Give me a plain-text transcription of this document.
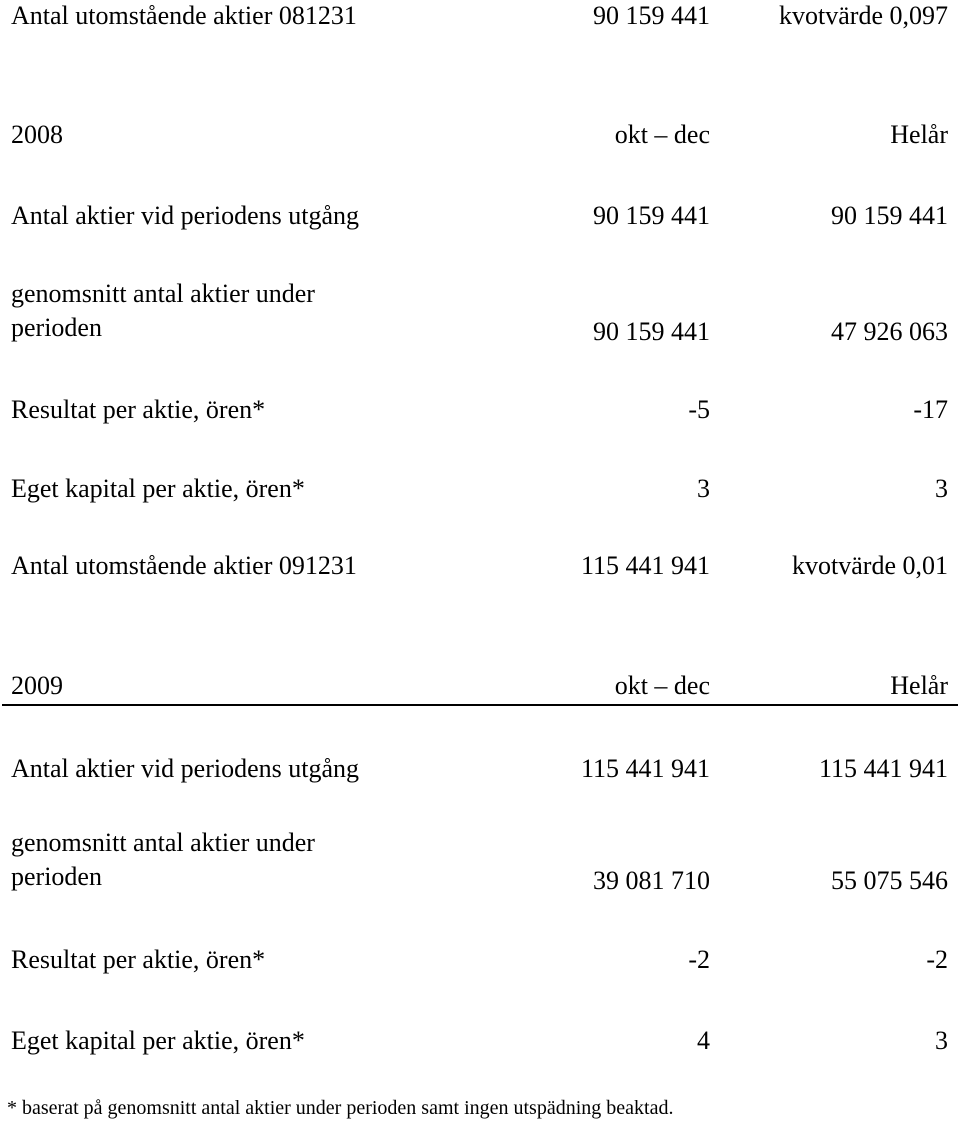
Antal utomstående aktier 081231	90 159 441	kvotvärde 0,097
2008	okt – dec	Helår
Antal aktier vid periodens utgång	90 159 441	90 159 441
genomsnitt antal aktier under
perioden	90 159 441	47 926 063
Resultat per aktie, ören*	-5	-17
Eget kapital per aktie, ören*	3	3
Antal utomstående aktier 091231	115 441 941	kvotvärde 0,01
2009	okt – dec	Helår
Antal aktier vid periodens utgång	115 441 941	115 441 941
genomsnitt antal aktier under
perioden	39 081 710	55 075 546
Resultat per aktie, ören*	-2	-2
Eget kapital per aktie, ören*	4	3
* baserat på genomsnitt antal aktier under perioden samt ingen utspädning beaktad.
